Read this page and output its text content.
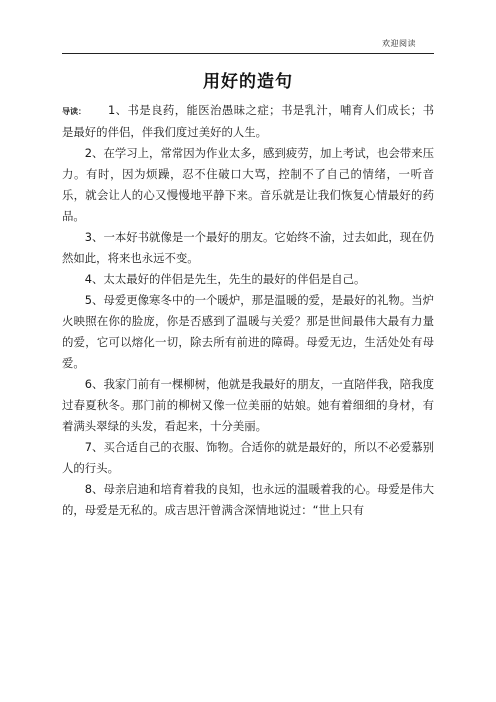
欢迎阅读
用好的造句

导读： 1、书是良药，能医治愚昧之症；书是乳汁，哺育人们成长；书是最好的伴侣，伴我们度过美好的人生。

2、在学习上，常常因为作业太多，感到疲劳，加上考试，也会带来压力。有时，因为烦躁，忍不住破口大骂，控制不了自己的情绪，一听音乐，就会让人的心又慢慢地平静下来。音乐就是让我们恢复心情最好的药品。

3、一本好书就像是一个最好的朋友。它始终不渝，过去如此，现在仍然如此，将来也永远不变。

4、太太最好的伴侣是先生，先生的最好的伴侣是自己。

5、母爱更像寒冬中的一个暖炉，那是温暖的爱，是最好的礼物。当炉火映照在你的脸庞，你是否感到了温暖与关爱？那是世间最伟大最有力量的爱，它可以熔化一切，除去所有前进的障碍。母爱无边，生活处处有母爱。

6、我家门前有一棵柳树，他就是我最好的朋友，一直陪伴我，陪我度过春夏秋冬。那门前的柳树又像一位美丽的姑娘。她有着细细的身材，有着满头翠绿的头发，看起来，十分美丽。

7、买合适自己的衣服、饰物。合适你的就是最好的，所以不必爱慕别人的行头。

8、母亲启迪和培育着我的良知，也永远的温暖着我的心。母爱是伟大的，母爱是无私的。成吉思汗曾满含深情地说过：“世上只有
